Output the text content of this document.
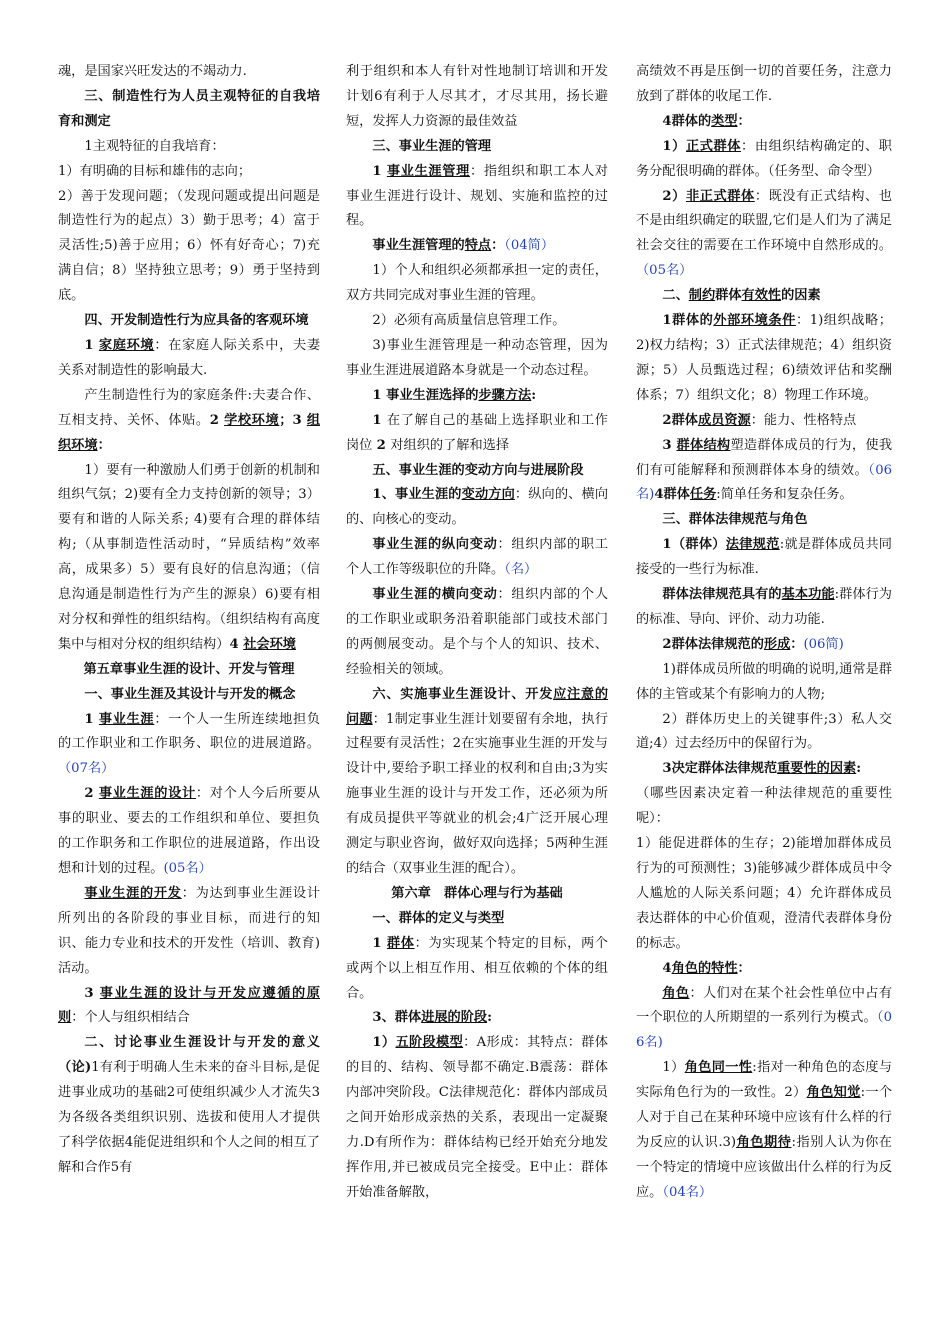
魂，是国家兴旺发达的不竭动力.

三、制造性行为人员主观特征的自我培育和测定

1主观特征的自我培育：

1）有明确的目标和雄伟的志向；

2）善于发现问题；（发现问题或提出问题是制造性行为的起点）3）勤于思考；4）富于灵活性;5)善于应用；6）怀有好奇心；7)充满自信；8）坚持独立思考；9）勇于坚持到底。

四、开发制造性行为应具备的客观环境

1 家庭环境：在家庭人际关系中，夫妻关系对制造性的影响最大.

产生制造性行为的家庭条件:夫妻合作、互相支持、关怀、体贴。2 学校环境；3 组织环境：

1）要有一种激励人们勇于创新的机制和组织气氛；2)要有全力支持创新的领导；3）要有和谐的人际关系; 4)要有合理的群体结构;（从事制造性活动时，“异质结构”效率高，成果多）5）要有良好的信息沟通；（信息沟通是制造性行为产生的源泉）6)要有相对分权和弹性的组织结构。（组织结构有高度集中与相对分权的组织结构）4 社会环境

第五章事业生涯的设计、开发与管理

一、事业生涯及其设计与开发的概念

1 事业生涯：一个人一生所连续地担负的工作职业和工作职务、职位的进展道路。（07名）

2 事业生涯的设计：对个人今后所要从事的职业、要去的工作组织和单位、要担负的工作职务和工作职位的进展道路，作出设想和计划的过程。(05名）

事业生涯的开发：为达到事业生涯设计所列出的各阶段的事业目标，而进行的知识、能力专业和技术的开发性（培训、教育)活动。

3 事业生涯的设计与开发应遵循的原则：个人与组织相结合

二、讨论事业生涯设计与开发的意义（论)1有利于明确人生未来的奋斗目标,是促进事业成功的基础2可使组织减少人才流失3为各级各类组织识别、选拔和使用人才提供了科学依据4能促进组织和个人之间的相互了解和合作5有

利于组织和本人有针对性地制订培训和开发计划6有利于人尽其才，才尽其用，扬长避短，发挥人力资源的最佳效益

三、事业生涯的管理

1 事业生涯管理：指组织和职工本人对事业生涯进行设计、规划、实施和监控的过程。

事业生涯管理的特点：（04简）

1）个人和组织必须都承担一定的责任，双方共同完成对事业生涯的管理。

2）必须有高质量信息管理工作。

3)事业生涯管理是一种动态管理，因为事业生涯进展道路本身就是一个动态过程。

1 事业生涯选择的步骤方法:

1 在了解自己的基础上选择职业和工作岗位 2 对组织的了解和选择

五、事业生涯的变动方向与进展阶段

1、事业生涯的变动方向：纵向的、横向的、向核心的变动。

事业生涯的纵向变动：组织内部的职工个人工作等级职位的升降。（名）

事业生涯的横向变动：组织内部的个人的工作职业或职务沿着职能部门或技术部门的两侧展变动。是个与个人的知识、技术、经验相关的领域。

六、实施事业生涯设计、开发应注意的问题：1制定事业生涯计划要留有余地，执行过程要有灵活性；2在实施事业生涯的开发与设计中,要给予职工择业的权利和自由;3为实施事业生涯的设计与开发工作，还必须为所有成员提供平等就业的机会;4广泛开展心理测定与职业咨询，做好双向选择；5两种生涯的结合（双事业生涯的配合）。

第六章　群体心理与行为基础

一、群体的定义与类型

1 群体：为实现某个特定的目标，两个或两个以上相互作用、相互依赖的个体的组合。

3、群体进展的阶段:

1）五阶段模型：A形成：其特点：群体的目的、结构、领导都不确定.B震荡：群体内部冲突阶段。C法律规范化：群体内部成员之间开始形成亲热的关系，表现出一定凝聚力.D有所作为：群体结构已经开始充分地发挥作用,并已被成员完全接受。E中止：群体开始准备解散，

高绩效不再是压倒一切的首要任务，注意力放到了群体的收尾工作.

4群体的类型：

1）正式群体：由组织结构确定的、职务分配很明确的群体。（任务型、命令型）

2）非正式群体：既没有正式结构、也不是由组织确定的联盟,它们是人们为了满足社会交往的需要在工作环境中自然形成的。（05名）

二、制约群体有效性的因素

1群体的外部环境条件：1)组织战略；2)权力结构；3）正式法律规范；4）组织资源；5）人员甄选过程；6)绩效评估和奖酬体系；7）组织文化；8）物理工作环境。

2群体成员资源：能力、性格特点

3 群体结构塑造群体成员的行为，使我们有可能解释和预测群体本身的绩效。（06名)4群体任务:简单任务和复杂任务。

三、群体法律规范与角色

1（群体）法律规范:就是群体成员共同接受的一些行为标准.

群体法律规范具有的基本功能:群体行为的标准、导向、评价、动力功能.

2群体法律规范的形成：(06简)

1)群体成员所做的明确的说明,通常是群体的主管或某个有影响力的人物;

2）群体历史上的关键事件;3）私人交道;4）过去经历中的保留行为。

3决定群体法律规范重要性的因素:

（哪些因素决定着一种法律规范的重要性呢）：

1）能促进群体的生存；2)能增加群体成员行为的可预测性；3)能够减少群体成员中令人尴尬的人际关系问题；4）允许群体成员表达群体的中心价值观，澄清代表群体身份的标志。

4角色的特性：

角色：人们对在某个社会性单位中占有一个职位的人所期望的一系列行为模式。（06名)

1）角色同一性:指对一种角色的态度与实际角色行为的一致性。2）角色知觉:一个人对于自己在某种环境中应该有什么样的行为反应的认识.3)角色期待:指别人认为你在一个特定的情境中应该做出什么样的行为反应。（04名）
